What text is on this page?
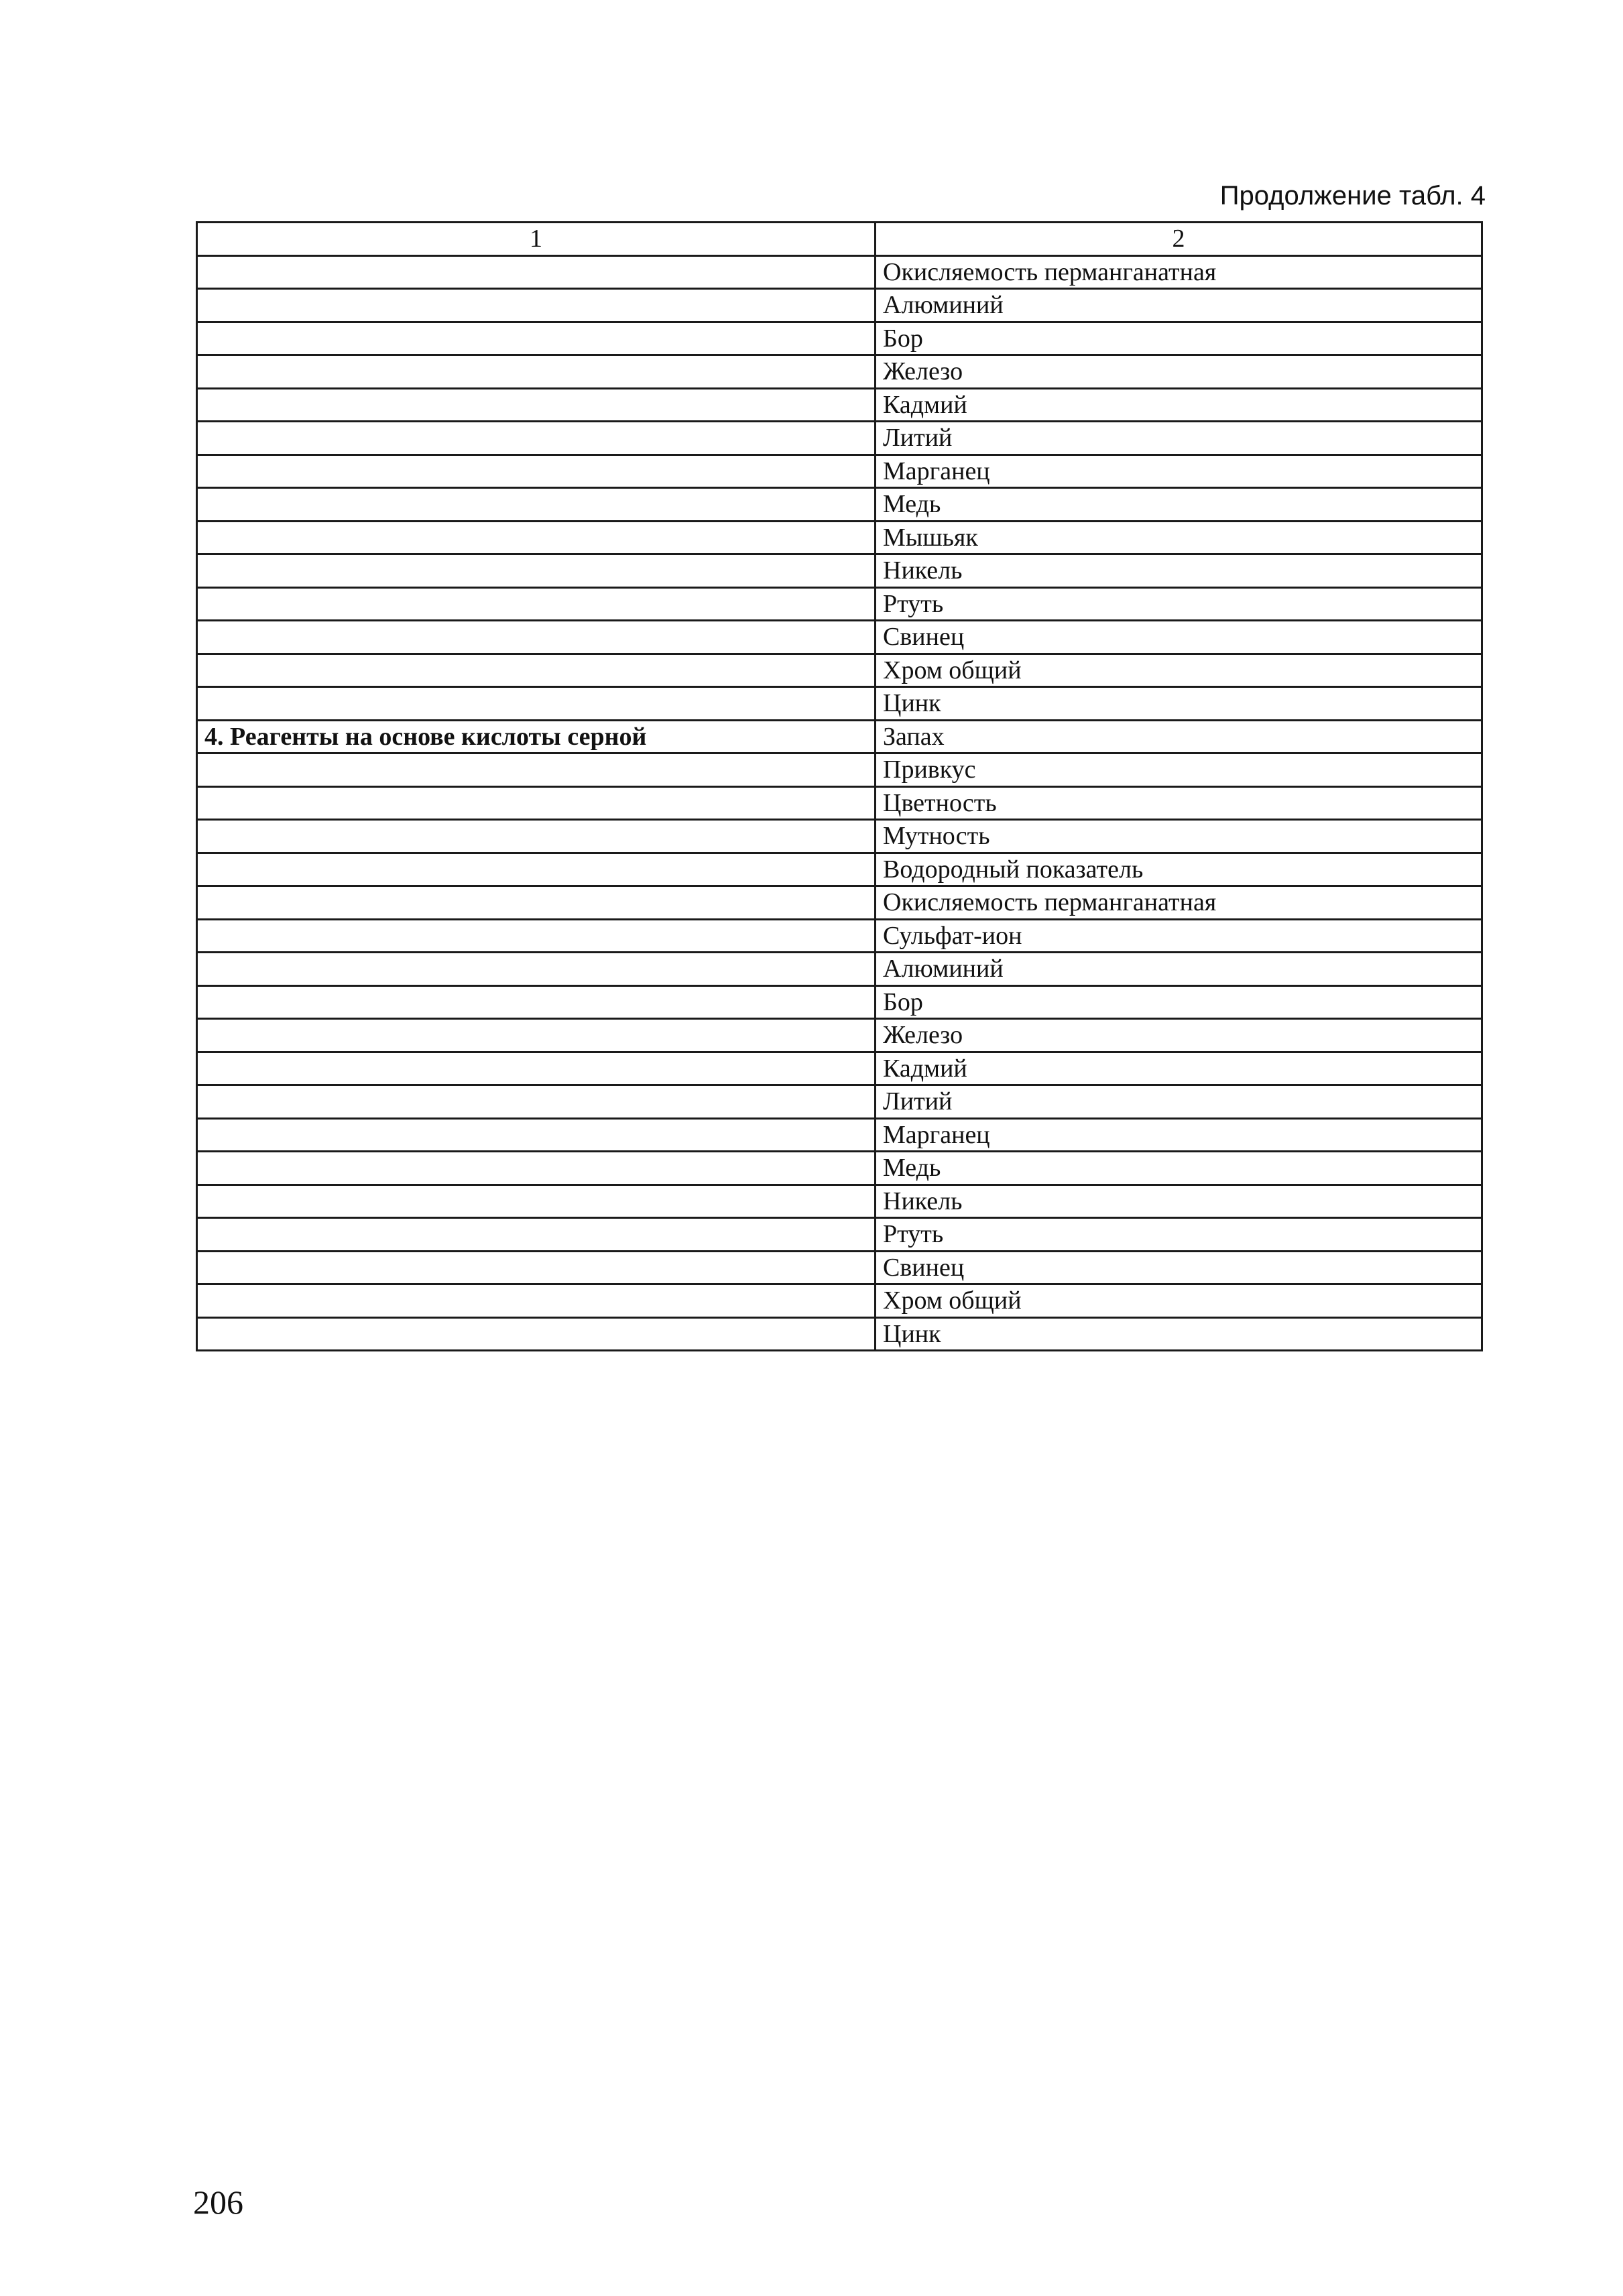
Продолжение табл. 4
1	2
	Окисляемость перманганатная
	Алюминий
	Бор
	Железо
	Кадмий
	Литий
	Марганец
	Медь
	Мышьяк
	Никель
	Ртуть
	Свинец
	Хром общий
	Цинк
4. Реагенты на основе кислоты серной	Запах
	Привкус
	Цветность
	Мутность
	Водородный показатель
	Окисляемость перманганатная
	Сульфат-ион
	Алюминий
	Бор
	Железо
	Кадмий
	Литий
	Марганец
	Медь
	Никель
	Ртуть
	Свинец
	Хром общий
	Цинк
206
